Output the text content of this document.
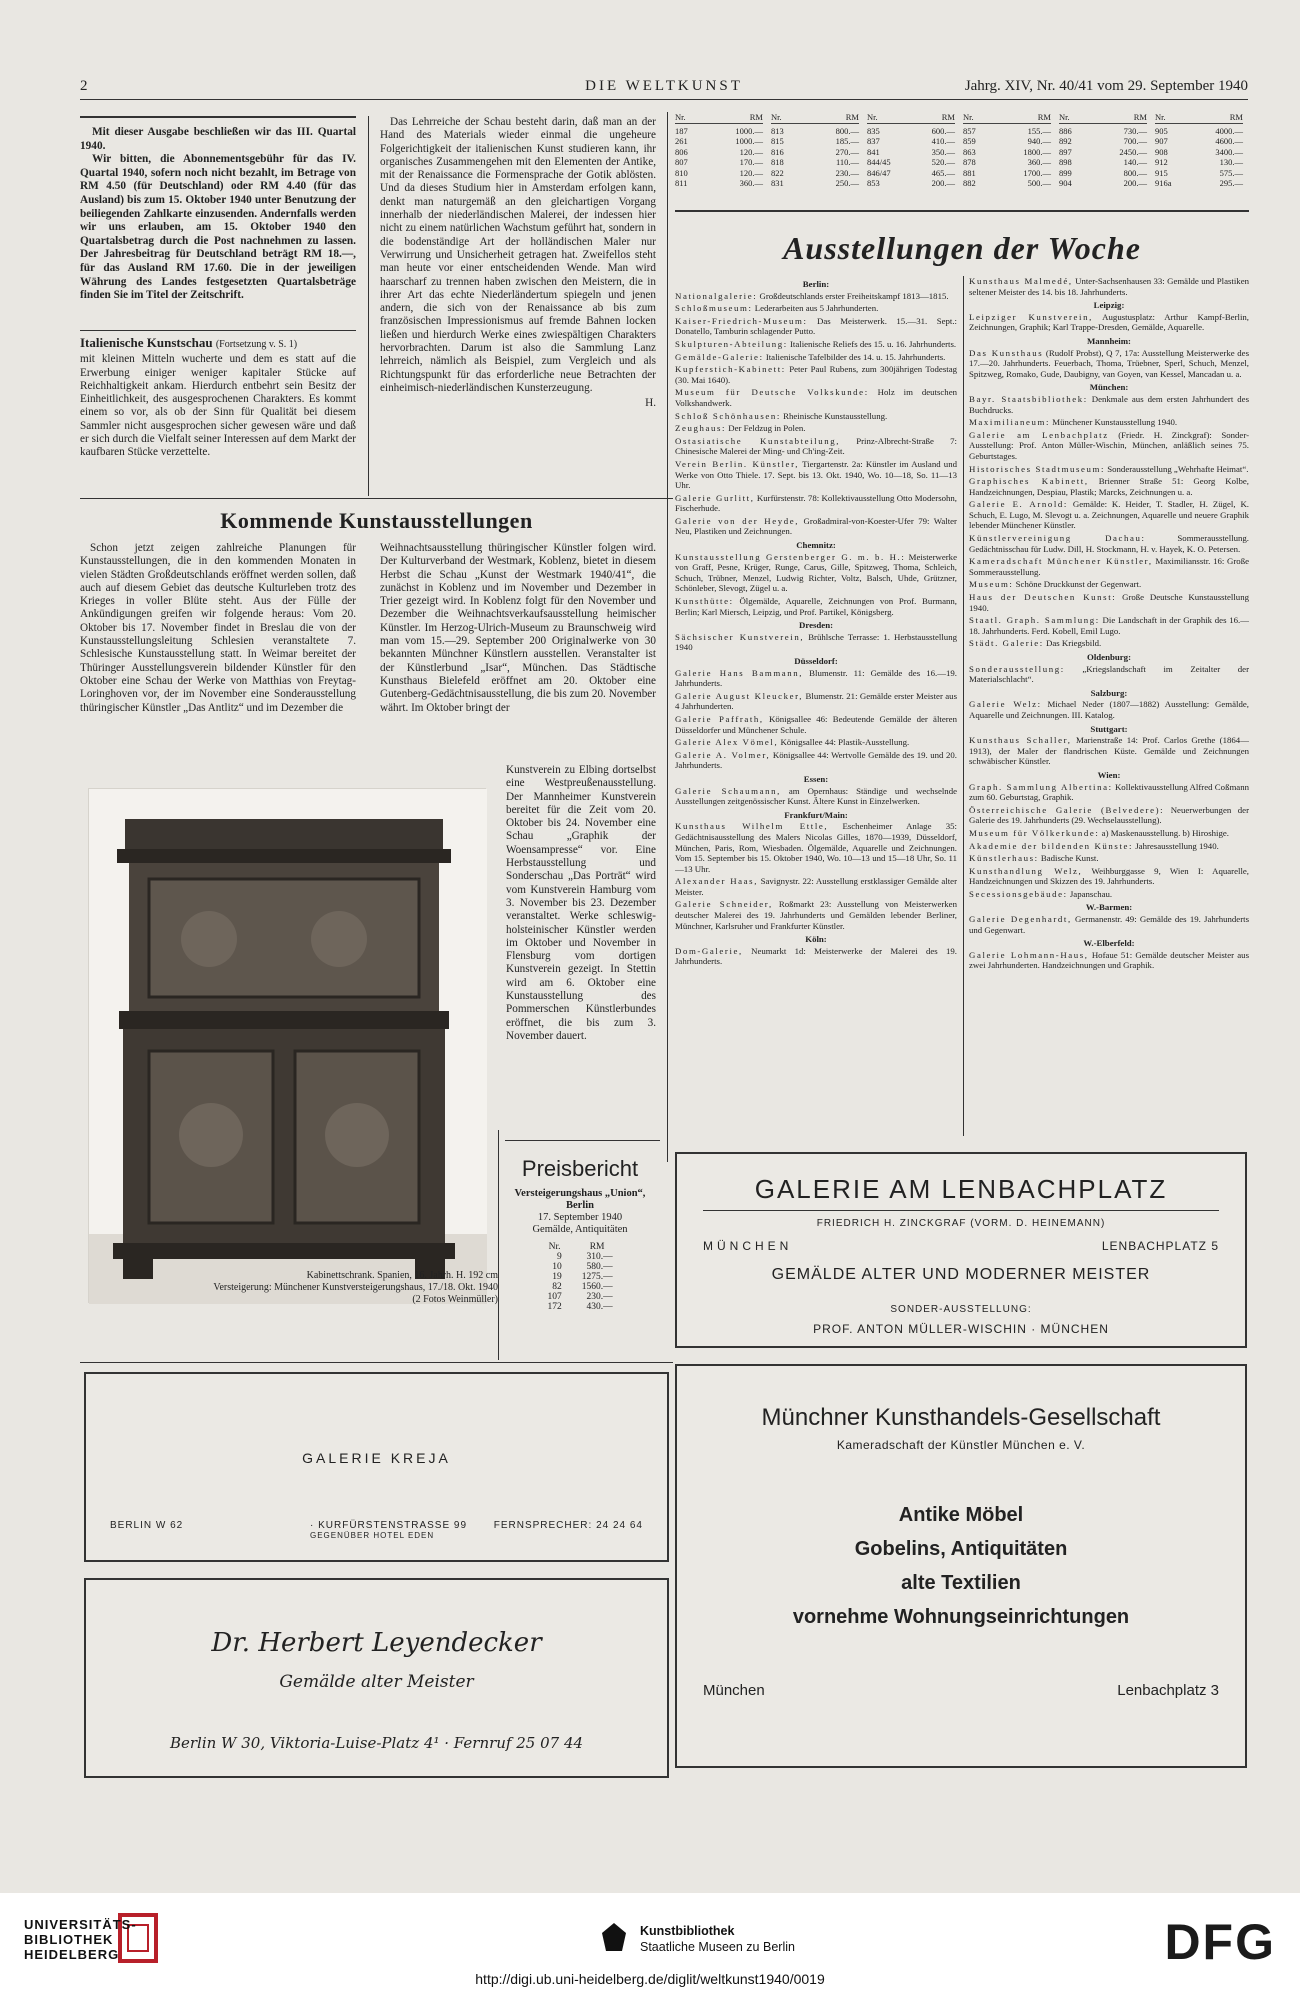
2	DIE WELTKUNST	Jahrg. XIV, Nr. 40/41 vom 29. September 1940

Mit dieser Ausgabe beschließen wir das III. Quartal 1940.

Wir bitten, die Abonnementsgebühr für das IV. Quartal 1940, sofern noch nicht bezahlt, im Betrage von RM 4.50 (für Deutschland) oder RM 4.40 (für das Ausland) bis zum 15. Oktober 1940 unter Benutzung der beiliegenden Zahlkarte einzusenden. Andernfalls werden wir uns erlauben, am 15. Oktober 1940 den Quartalsbetrag durch die Post nachnehmen zu lassen. Der Jahresbeitrag für Deutschland beträgt RM 18.—, für das Ausland RM 17.60. Die in der jeweiligen Währung des Landes festgesetzten Quartalsbeträge finden Sie im Titel der Zeitschrift.

Italienische Kunstschau (Fortsetzung v. S. 1)

mit kleinen Mitteln wucherte und dem es statt auf die Erwerbung einiger weniger kapitaler Stücke auf Reichhaltigkeit ankam. Hierdurch entbehrt sein Besitz der Einheitlichkeit, des ausgesprochenen Charakters. Es kommt einem so vor, als ob der Sinn für Qualität bei diesem Sammler nicht ausgesprochen sicher gewesen wäre und daß er sich durch die Vielfalt seiner Interessen auf dem Markt der kaufbaren Stücke verzettelte.

Das Lehrreiche der Schau besteht darin, daß man an der Hand des Materials wieder einmal die ungeheure Folgerichtigkeit der italienischen Kunst studieren kann, ihr organisches Zusammengehen mit den Elementen der Antike, mit der Renaissance die Formensprache der Gotik ablösten. Und da dieses Studium hier in Amsterdam erfolgen kann, denkt man naturgemäß an den gleichartigen Vorgang innerhalb der niederländischen Malerei, der indessen hier nicht zu einem natürlichen Wachstum geführt hat, sondern in die bodenständige Art der holländischen Maler nur Verwirrung und Unsicherheit getragen hat. Zweifellos steht man heute vor einer entscheidenden Wende. Man wird haarscharf zu trennen haben zwischen den Meistern, die in ihrer Art das echte Niederländertum spiegeln und jenen andern, die sich von der Renaissance ab bis zum französischen Impressionismus auf fremde Bahnen locken ließen und hierdurch Werke eines zwiespältigen Charakters hervorbrachten. Darum ist also die Sammlung Lanz lehrreich, nämlich als Beispiel, zum Vergleich und als Richtungspunkt für das erforderliche neue Betrachten der einheimisch-niederländischen Kunsterzeugung.

H.

Kommende Kunstausstellungen

Schon jetzt zeigen zahlreiche Planungen für Kunstausstellungen, die in den kommenden Monaten in vielen Städten Großdeutschlands eröffnet werden sollen, daß auch auf diesem Gebiet das deutsche Kulturleben trotz des Krieges in voller Blüte steht. Aus der Fülle der Ankündigungen greifen wir folgende heraus: Vom 20. Oktober bis 17. November findet in Breslau die von der Kunstausstellungsleitung Schlesien veranstaltete 7. Schlesische Kunstausstellung statt. In Weimar bereitet der Thüringer Ausstellungsverein bildender Künstler für den Oktober eine Schau der Werke von Matthias von Freytag-Loringhoven vor, der im November eine Sonderausstellung thüringischer Künstler „Das Antlitz“ und im Dezember die

Weihnachtsausstellung thüringischer Künstler folgen wird. Der Kulturverband der Westmark, Koblenz, bietet in diesem Herbst die Schau „Kunst der Westmark 1940/41“, die zunächst in Koblenz und im November und Dezember in Trier gezeigt wird. In Koblenz folgt für den November und Dezember die Weihnachtsverkaufsausstellung heimischer Künstler. Im Herzog-Ulrich-Museum zu Braunschweig wird man vom 15.—29. September 200 Originalwerke von 30 bekannten Münchner Künstlern ausstellen. Veranstalter ist der Künstlerbund „Isar“, München. Das Städtische Kunsthaus Bielefeld eröffnet am 20. Oktober eine Gutenberg-Gedächtnisausstellung, die bis zum 20. November währt. Im Oktober bringt der

Kunstverein zu Elbing dortselbst eine Westpreußenausstellung. Der Mannheimer Kunstverein bereitet für die Zeit vom 20. Oktober bis 24. November eine Schau „Graphik der Woensampresse“ vor. Eine Herbstausstellung und Sonderschau „Das Porträt“ wird vom Kunstverein Hamburg vom 3. November bis 23. Dezember veranstaltet. Werke schleswig-holsteinischer Künstler werden im Oktober und November in Flensburg vom dortigen Kunstverein gezeigt. In Stettin wird am 6. Oktober eine Kunstausstellung des Pommerschen Künstlerbundes eröffnet, die bis zum 3. November dauert.

Kabinettschrank. Spanien, 16. Jahrh. H. 192 cm
Versteigerung: Münchener Kunstversteigerungshaus, 17./18. Okt. 1940
(2 Fotos Weinmüller)
Preisbericht
Versteigerungshaus „Union“, Berlin
17. September 1940
Gemälde, Antiquitäten
Nr.	RM
9	310.—
10	580.—
19	1275.—
82	1560.—
107	230.—
172	430.—
GALERIE KREJA
BERLIN W 62	· KURFÜRSTENSTRASSE 99
GEGENÜBER HOTEL EDEN
FERNSPRECHER: 24 24 64
Dr. Herbert Leyendecker
Gemälde alter Meister
Berlin W 30, Viktoria-Luise-Platz 4¹ · Fernruf 25 07 44
Nr.	RM
187	1000.—
261	1000.—
806	120.—
807	170.—
810	120.—
811	360.—
Nr.	RM
813	800.—
815	185.—
816	270.—
818	110.—
822	230.—
831	250.—
Nr.	RM
835	600.—
837	410.—
841	350.—
844/45	520.—
846/47	465.—
853	200.—
Nr.	RM
857	155.—
859	940.—
863	1800.—
878	360.—
881	1700.—
882	500.—
Nr.	RM
886	730.—
892	700.—
897	2450.—
898	140.—
899	800.—
904	200.—
Nr.	RM
905	4000.—
907	4600.—
908	3400.—
912	130.—
915	575.—
916a	295.—
Ausstellungen der Woche
Berlin:

Nationalgalerie: Großdeutschlands erster Freiheitskampf 1813—1815.

Schloßmuseum: Lederarbeiten aus 5 Jahrhunderten.

Kaiser-Friedrich-Museum: Das Meisterwerk. 15.—31. Sept.: Donatello, Tamburin schlagender Putto.

Skulpturen-Abteilung: Italienische Reliefs des 15. u. 16. Jahrhunderts.

Gemälde-Galerie: Italienische Tafelbilder des 14. u. 15. Jahrhunderts.

Kupferstich-Kabinett: Peter Paul Rubens, zum 300jährigen Todestag (30. Mai 1640).

Museum für Deutsche Volkskunde: Holz im deutschen Volkshandwerk.

Schloß Schönhausen: Rheinische Kunstausstellung.

Zeughaus: Der Feldzug in Polen.

Ostasiatische Kunstabteilung, Prinz-Albrecht-Straße 7: Chinesische Malerei der Ming- und Ch'ing-Zeit.

Verein Berlin. Künstler, Tiergartenstr. 2a: Künstler im Ausland und Werke von Otto Thiele. 17. Sept. bis 13. Okt. 1940, Wo. 10—18, So. 11—13 Uhr.

Galerie Gurlitt, Kurfürstenstr. 78: Kollektivausstellung Otto Modersohn, Fischerhude.

Galerie von der Heyde, Großadmiral-von-Koester-Ufer 79: Walter Neu, Plastiken und Zeichnungen.

Chemnitz:

Kunstausstellung Gerstenberger G. m. b. H.: Meisterwerke von Graff, Pesne, Krüger, Runge, Carus, Gille, Spitzweg, Thoma, Schleich, Schuch, Trübner, Menzel, Ludwig Richter, Voltz, Balsch, Uhde, Grützner, Schönleber, Slevogt, Zügel u. a.

Kunsthütte: Ölgemälde, Aquarelle, Zeichnungen von Prof. Burmann, Berlin; Karl Miersch, Leipzig, und Prof. Partikel, Königsberg.

Dresden:

Sächsischer Kunstverein, Brühlsche Terrasse: 1. Herbstausstellung 1940

Düsseldorf:

Galerie Hans Bammann, Blumenstr. 11: Gemälde des 16.—19. Jahrhunderts.

Galerie August Kleucker, Blumenstr. 21: Gemälde erster Meister aus 4 Jahrhunderten.

Galerie Paffrath, Königsallee 46: Bedeutende Gemälde der älteren Düsseldorfer und Münchener Schule.

Galerie Alex Vömel, Königsallee 44: Plastik-Ausstellung.

Galerie A. Volmer, Königsallee 44: Wertvolle Gemälde des 19. und 20. Jahrhunderts.

Essen:

Galerie Schaumann, am Opernhaus: Ständige und wechselnde Ausstellungen zeitgenössischer Kunst. Ältere Kunst in Einzelwerken.

Frankfurt/Main:

Kunsthaus Wilhelm Ettle, Eschenheimer Anlage 35: Gedächtnisausstellung des Malers Nicolas Gilles, 1870—1939, Düsseldorf, München, Paris, Rom, Wiesbaden. Ölgemälde, Aquarelle und Zeichnungen. Vom 15. September bis 15. Oktober 1940, Wo. 10—13 und 15—18 Uhr, So. 11—13 Uhr.

Alexander Haas, Savignystr. 22: Ausstellung erstklassiger Gemälde alter Meister.

Galerie Schneider, Roßmarkt 23: Ausstellung von Meisterwerken deutscher Malerei des 19. Jahrhunderts und Gemälden lebender Berliner, Münchner, Karlsruher und Frankfurter Künstler.

Köln:

Dom-Galerie, Neumarkt 1d: Meisterwerke der Malerei des 19. Jahrhunderts.

Kunsthaus Malmedé, Unter-Sachsenhausen 33: Gemälde und Plastiken seltener Meister des 14. bis 18. Jahrhunderts.

Leipzig:

Leipziger Kunstverein, Augustusplatz: Arthur Kampf-Berlin, Zeichnungen, Graphik; Karl Trappe-Dresden, Gemälde, Aquarelle.

Mannheim:

Das Kunsthaus (Rudolf Probst), Q 7, 17a: Ausstellung Meisterwerke des 17.—20. Jahrhunderts. Feuerbach, Thoma, Trüebner, Sperl, Schuch, Menzel, Spitzweg, Romako, Gude, Daubigny, van Goyen, van Kessel, Mancadan u. a.

München:

Bayr. Staatsbibliothek: Denkmale aus dem ersten Jahrhundert des Buchdrucks.

Maximilianeum: Münchener Kunstausstellung 1940.

Galerie am Lenbachplatz (Friedr. H. Zinckgraf): Sonder-Ausstellung: Prof. Anton Müller-Wischin, München, anläßlich seines 75. Geburtstages.

Historisches Stadtmuseum: Sonderausstellung „Wehrhafte Heimat“.

Graphisches Kabinett, Brienner Straße 51: Georg Kolbe, Handzeichnungen, Despiau, Plastik; Marcks, Zeichnungen u. a.

Galerie E. Arnold: Gemälde: K. Heider, T. Stadler, H. Zügel, K. Schuch, E. Lugo, M. Slevogt u. a. Zeichnungen, Aquarelle und neuere Graphik lebender Münchener Künstler.

Künstlervereinigung Dachau:	Sommerausstellung. Gedächtnisschau für Ludw. Dill, H. Stockmann, H. v. Hayek, K. O. Petersen.

Kameradschaft Münchener Künstler, Maximiliansstr. 16: Große Sommerausstellung.

Museum: Schöne Druckkunst der Gegenwart.

Haus der Deutschen Kunst: Große Deutsche Kunstausstellung 1940.

Staatl. Graph. Sammlung: Die Landschaft in der Graphik des 16.—18. Jahrhunderts. Ferd. Kobell, Emil Lugo.

Städt. Galerie: Das Kriegsbild.

Oldenburg:

Sonderausstellung: „Kriegslandschaft im Zeitalter der Materialschlacht“.

Salzburg:

Galerie Welz: Michael Neder (1807—1882) Ausstellung: Gemälde, Aquarelle und Zeichnungen. III. Katalog.

Stuttgart:

Kunsthaus Schaller, Marienstraße 14: Prof. Carlos Grethe (1864—1913), der Maler der flandrischen Küste. Gemälde und Zeichnungen schwäbischer Künstler.

Wien:

Graph. Sammlung Albertina: Kollektivausstellung Alfred Coßmann zum 60. Geburtstag, Graphik.

Österreichische Galerie (Belvedere): Neuerwerbungen der Galerie des 19. Jahrhunderts (29. Wechselausstellung).

Museum für Völkerkunde: a) Maskenausstellung. b) Hiroshige.

Akademie der bildenden Künste: Jahresausstellung 1940.

Künstlerhaus: Badische Kunst.

Kunsthandlung Welz, Weihburggasse 9, Wien I: Aquarelle, Handzeichnungen und Skizzen des 19. Jahrhunderts.

Secessionsgebäude: Japanschau.

W.-Barmen:

Galerie Degenhardt, Germanenstr. 49: Gemälde des 19. Jahrhunderts und Gegenwart.

W.-Elberfeld:

Galerie Lohmann-Haus, Hofaue 51: Gemälde deutscher Meister aus zwei Jahrhunderten. Handzeichnungen und Graphik.

GALERIE AM LENBACHPLATZ
FRIEDRICH H. ZINCKGRAF (VORM. D. HEINEMANN)
MÜNCHEN	LENBACHPLATZ 5
GEMÄLDE ALTER UND MODERNER MEISTER
SONDER-AUSSTELLUNG:
PROF. ANTON MÜLLER-WISCHIN · MÜNCHEN
Münchner Kunsthandels-Gesellschaft
Kameradschaft der Künstler München e. V.
Antike Möbel
Gobelins, Antiquitäten
alte Textilien
vornehme Wohnungseinrichtungen
München	Lenbachplatz 3
UNIVERSITÄTS-
BIBLIOTHEK
HEIDELBERG
Kunstbibliothek
Staatliche Museen zu Berlin	DFG
http://digi.ub.uni-heidelberg.de/diglit/weltkunst1940/0019
